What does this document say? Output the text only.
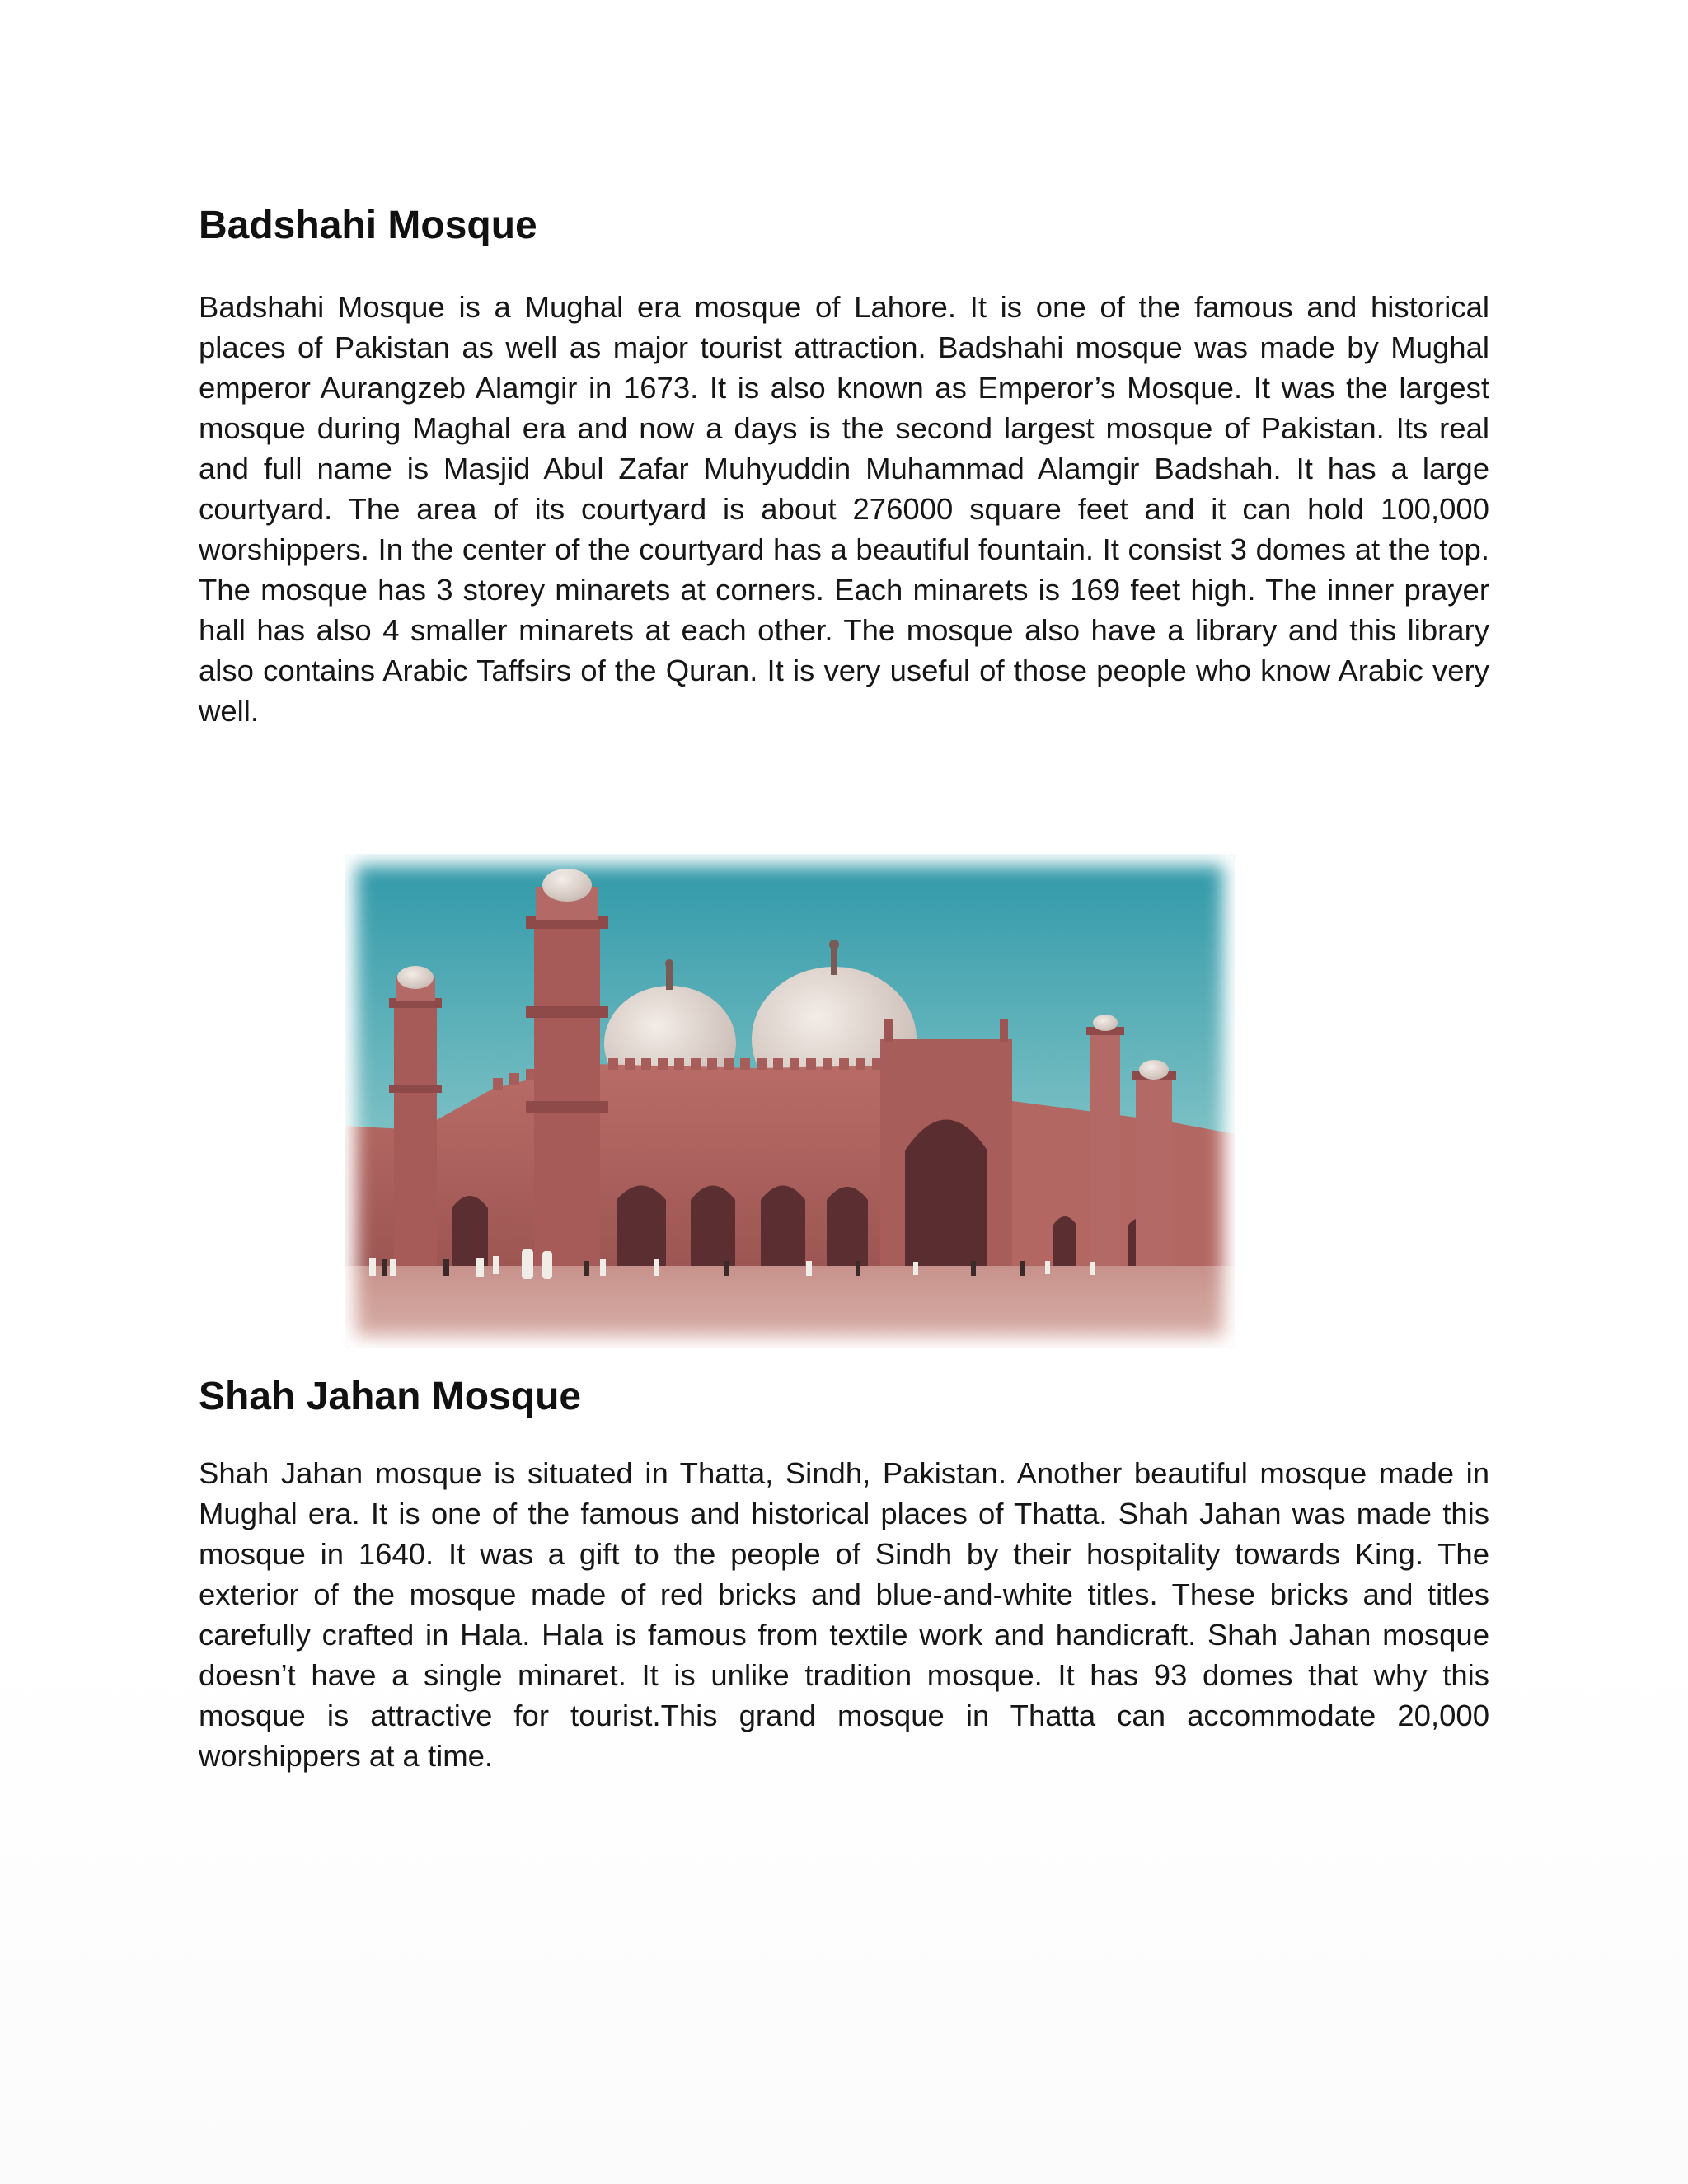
Badshahi Mosque

Badshahi Mosque is a Mughal era mosque of Lahore. It is one of the famous and historical places of Pakistan as well as major tourist attraction. Badshahi mosque was made by Mughal emperor Aurangzeb Alamgir in 1673. It is also known as Emperor’s Mosque. It was the largest mosque during Maghal era and now a days is the second largest mosque of Pakistan. Its real and full name is Masjid Abul Zafar Muhyuddin Muhammad Alamgir Badshah. It has a large courtyard. The area of its courtyard is about 276000 square feet and it can hold 100,000 worshippers. In the center of the courtyard has a beautiful fountain. It consist 3 domes at the top. The mosque has 3 storey minarets at corners. Each minarets is 169 feet high. The inner prayer hall has also 4 smaller minarets at each other. The mosque also have a library and this library also contains Arabic Taffsirs of the Quran. It is very useful of those people who know Arabic very well.

Shah Jahan Mosque

Shah Jahan mosque is situated in Thatta, Sindh, Pakistan. Another beautiful mosque made in Mughal era. It is one of the famous and historical places of Thatta. Shah Jahan was made this mosque in 1640. It was a gift to the people of Sindh by their hospitality towards King. The exterior of the mosque made of red bricks and blue-and-white titles. These bricks and titles carefully crafted in Hala. Hala is famous from textile work and handicraft. Shah Jahan mosque doesn’t have a single minaret. It is unlike tradition mosque. It has 93 domes that why this mosque is attractive for tourist.This grand mosque in Thatta can accommodate 20,000 worshippers at a time.
